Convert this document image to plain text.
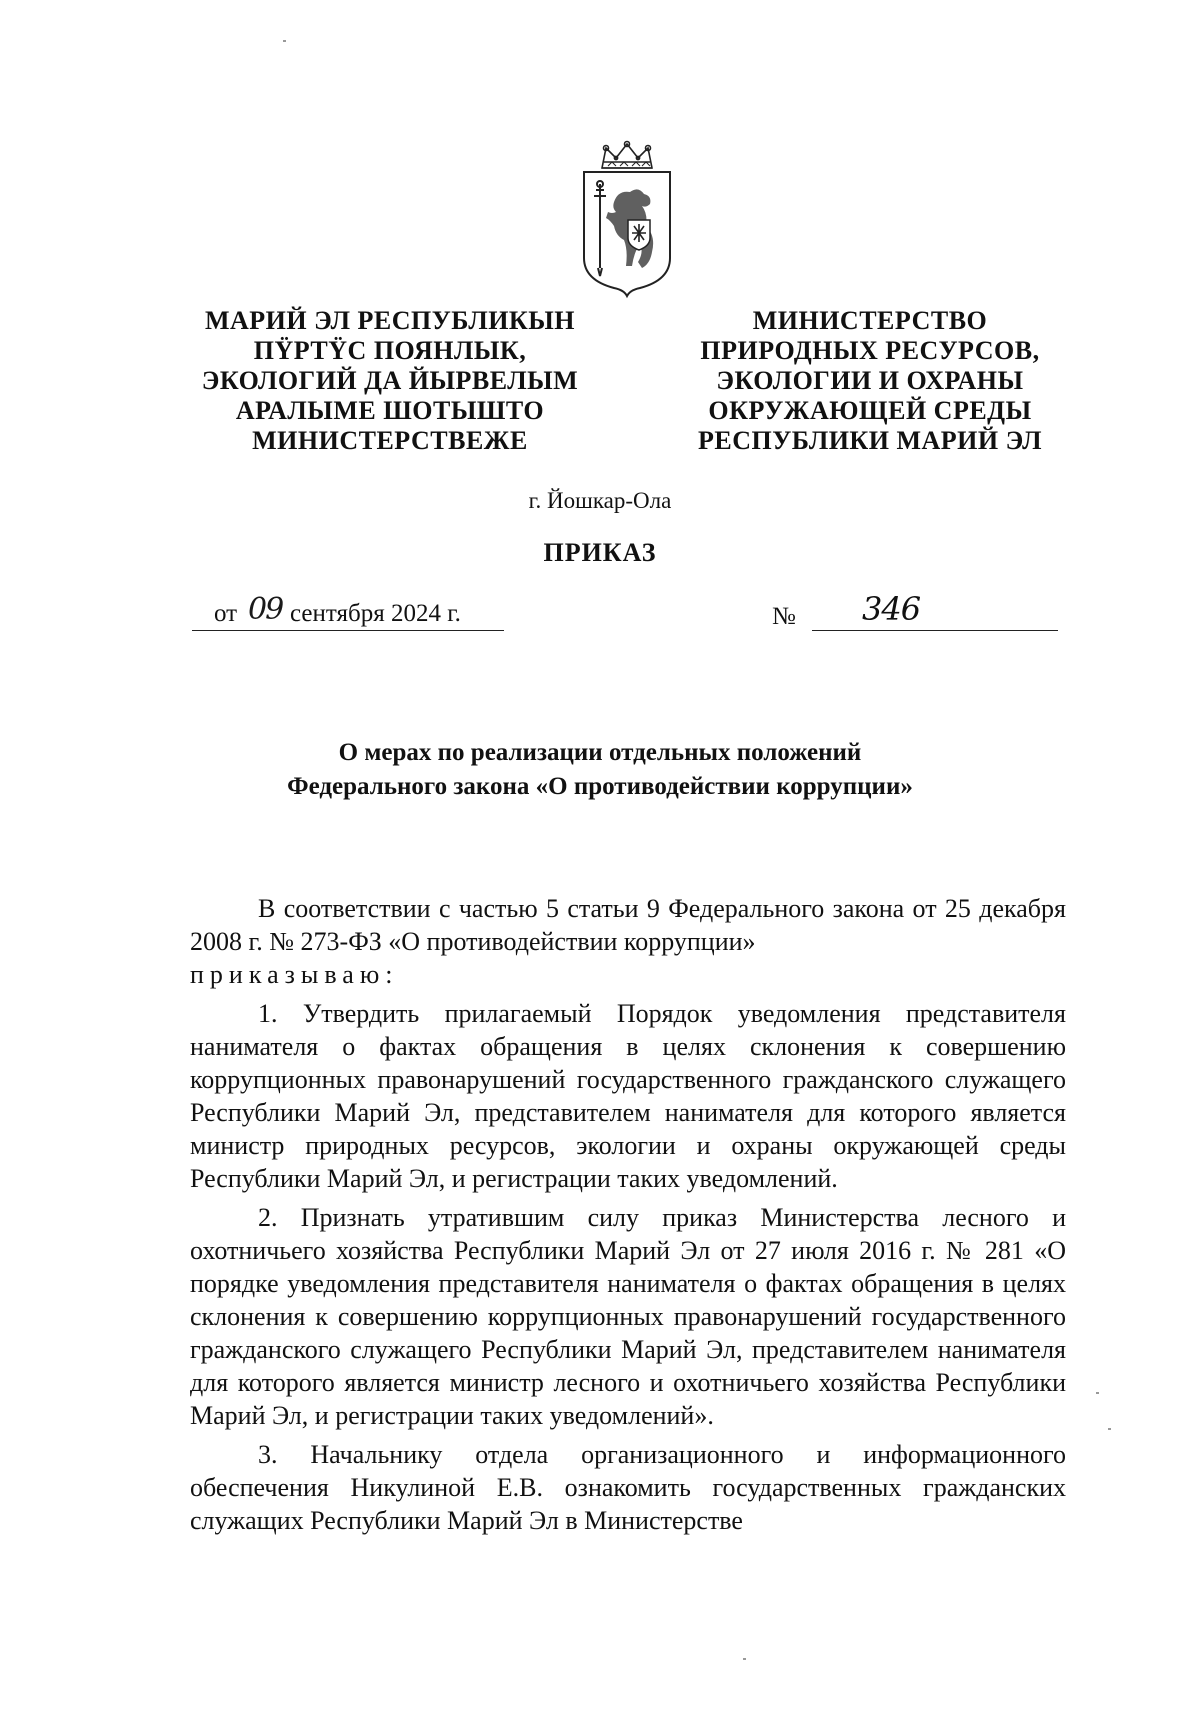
МАРИЙ ЭЛ РЕСПУБЛИКЫН
ПŸРТŸС ПОЯНЛЫК,
ЭКОЛОГИЙ ДА ЙЫРВЕЛЫМ
АРАЛЫМЕ ШОТЫШТО
МИНИСТЕРСТВЕЖЕ
МИНИСТЕРСТВО
ПРИРОДНЫХ РЕСУРСОВ,
ЭКОЛОГИИ И ОХРАНЫ
ОКРУЖАЮЩЕЙ СРЕДЫ
РЕСПУБЛИКИ МАРИЙ ЭЛ
г. Йошкар-Ола
ПРИКАЗ
от 09 сентября 2024 г.	№ 346
О мерах по реализации отдельных положений
Федерального закона «О противодействии коррупции»

В соответствии с частью 5 статьи 9 Федерального закона от 25 декабря 2008 г. № 273-ФЗ «О противодействии коррупции»

приказываю:

1. Утвердить прилагаемый Порядок уведомления представителя нанимателя о фактах обращения в целях склонения к совершению коррупционных правонарушений государственного гражданского служащего Республики Марий Эл, представителем нанимателя для которого является министр природных ресурсов, экологии и охраны окружающей среды Республики Марий Эл, и регистрации таких уведомлений.

2. Признать утратившим силу приказ Министерства лесного и охотничьего хозяйства Республики Марий Эл от 27 июля 2016 г. № 281 «О порядке уведомления представителя нанимателя о фактах обращения в целях склонения к совершению коррупционных правонарушений государственного гражданского служащего Республики Марий Эл, представителем нанимателя для которого является министр лесного и охотничьего хозяйства Республики Марий Эл, и регистрации таких уведомлений».

3. Начальнику отдела организационного и информационного обеспечения Никулиной Е.В. ознакомить государственных гражданских служащих Республики Марий Эл в Министерстве
